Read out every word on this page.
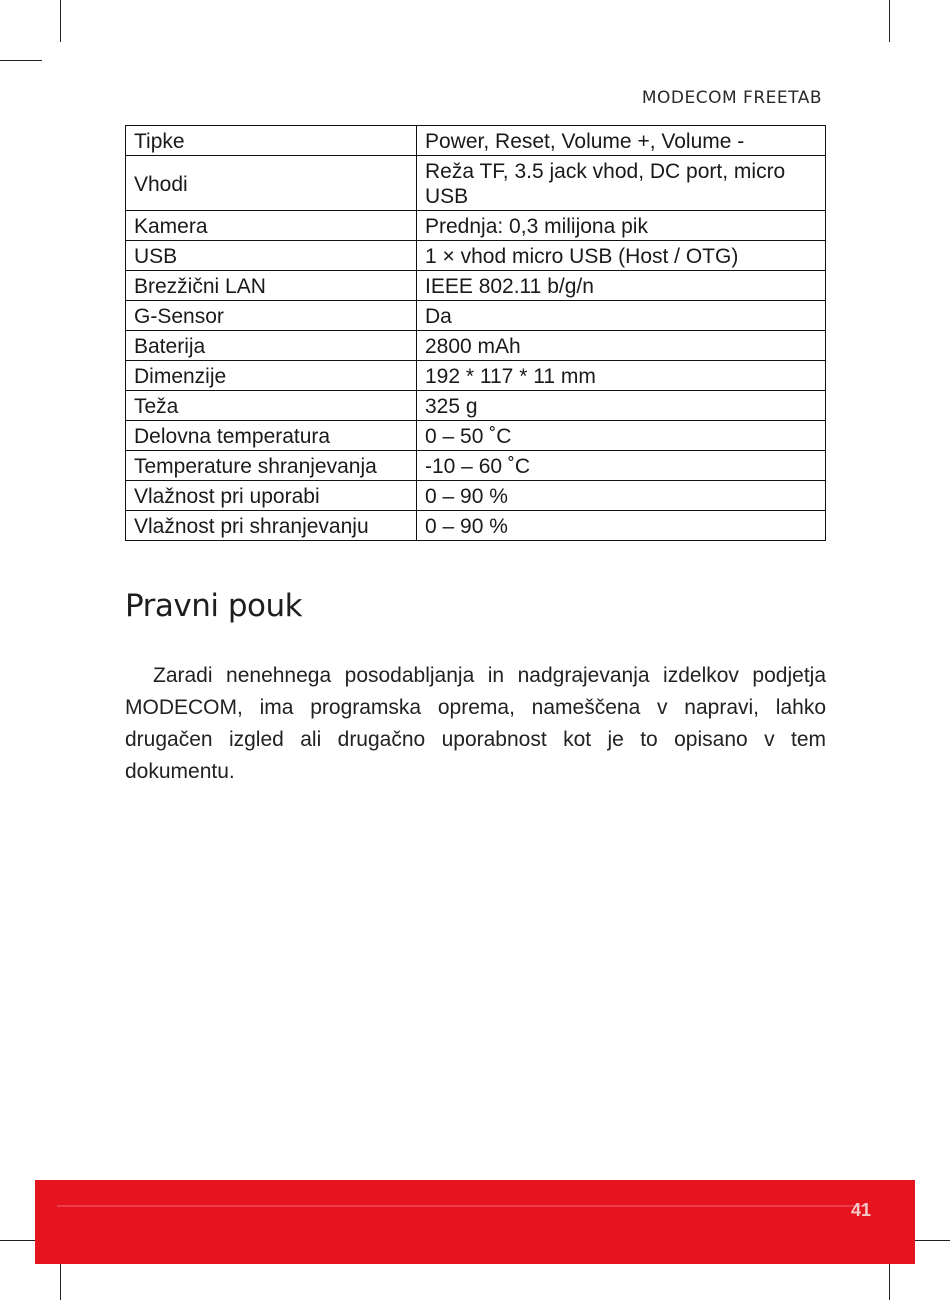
MODECOM FREETAB
Tipke	Power, Reset, Volume +, Volume -
Vhodi	Reža TF, 3.5 jack vhod, DC port, micro USB
Kamera	Prednja: 0,3 milijona pik
USB	1 × vhod micro USB (Host / OTG)
Brezžični LAN	IEEE 802.11 b/g/n
G-Sensor	Da
Baterija	2800 mAh
Dimenzije	192 * 117 * 11 mm
Teža	325 g
Delovna temperatura	0 – 50 ˚C
Temperature shranjevanja	-10 – 60 ˚C
Vlažnost pri uporabi	0 – 90 %
Vlažnost pri shranjevanju	0 – 90 %
Pravni pouk

Zaradi nenehnega posodabljanja in nadgrajevanja izdelkov podjetja MODECOM, ima programska oprema, nameščena v napravi, lahko drugačen izgled ali drugačno uporabnost kot je to opisano v tem dokumentu.

41
